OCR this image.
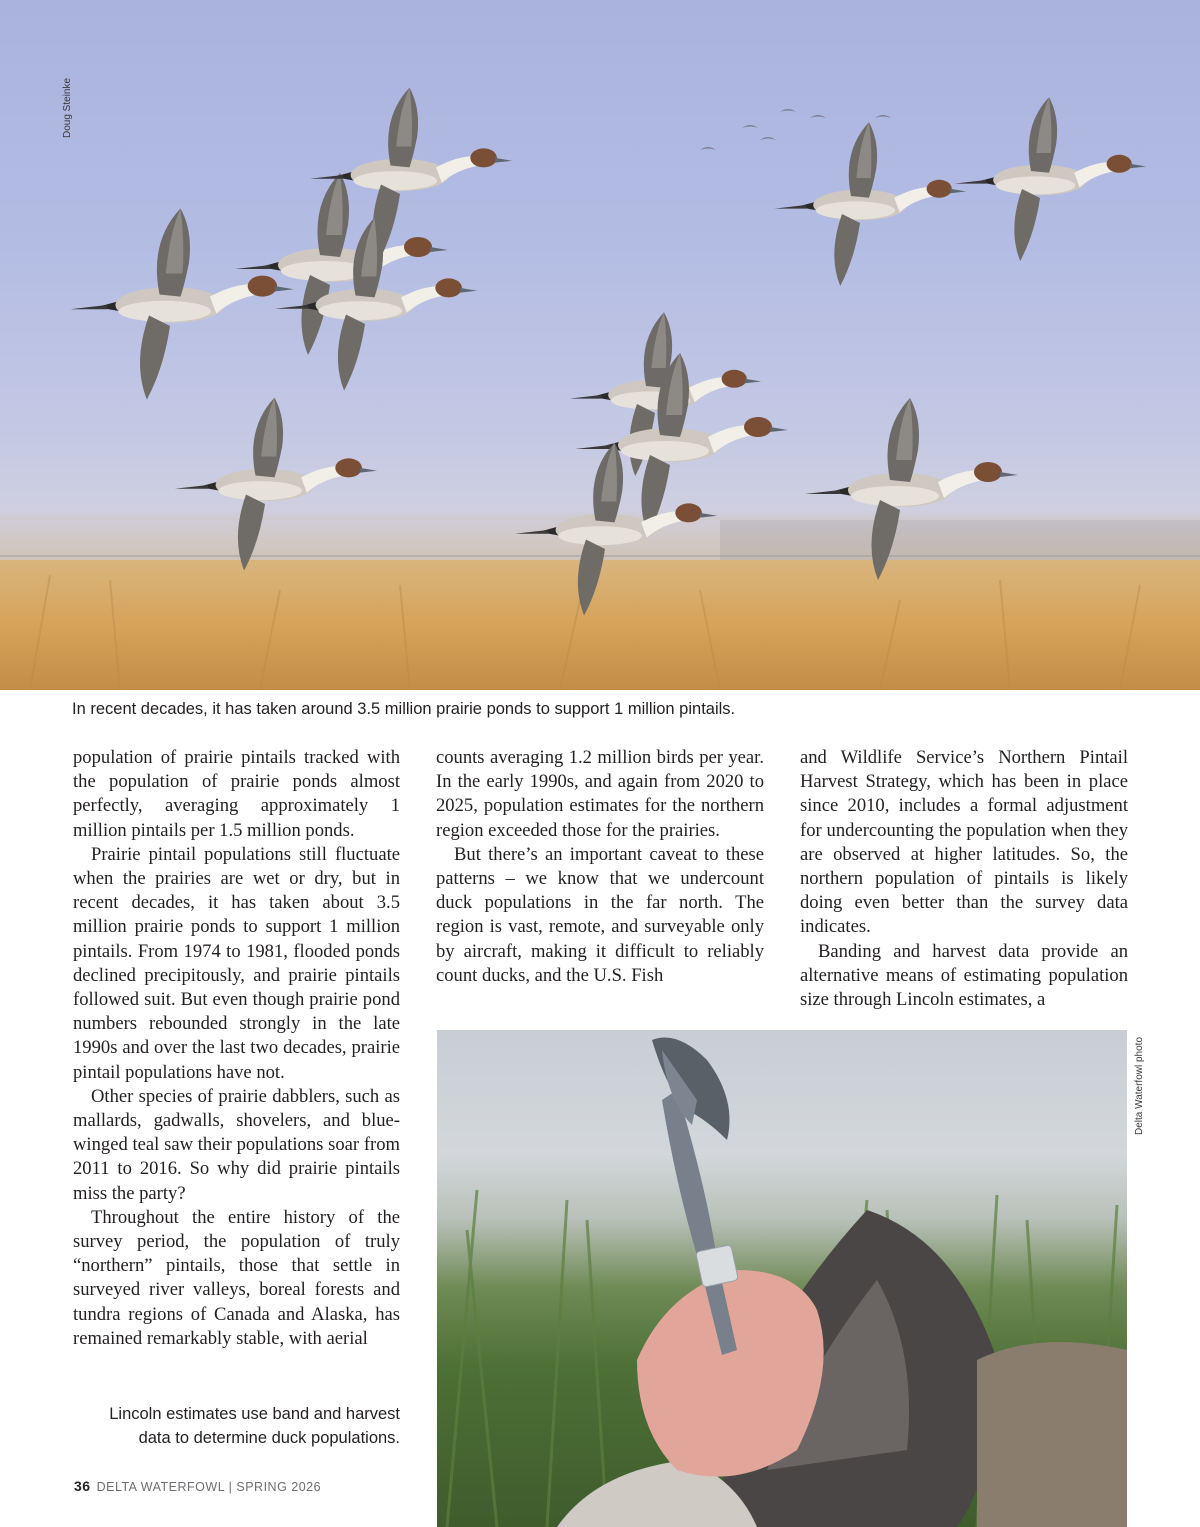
Doug Steinke
In recent decades, it has taken around 3.5 million prairie ponds to support 1 million pintails.

population of prairie pintails tracked with the population of prairie ponds almost perfectly, averaging approximately 1 million pintails per 1.5 million ponds.

Prairie pintail populations still fluctuate when the prairies are wet or dry, but in recent decades, it has taken about 3.5 million prairie ponds to support 1 million pintails. From 1974 to 1981, flooded ponds declined precipitously, and prairie pintails followed suit. But even though prairie pond numbers rebounded strongly in the late 1990s and over the last two decades, prairie pintail populations have not.

Other species of prairie dabblers, such as mallards, gadwalls, shovelers, and blue-winged teal saw their populations soar from 2011 to 2016. So why did prairie pintails miss the party?

Throughout the entire history of the survey period, the population of truly “northern” pintails, those that settle in surveyed river valleys, boreal forests and tundra regions of Canada and Alaska, has remained remarkably stable, with aerial

counts averaging 1.2 million birds per year. In the early 1990s, and again from 2020 to 2025, population estimates for the northern region exceeded those for the prairies.

But there’s an important caveat to these patterns – we know that we undercount duck populations in the far north. The region is vast, remote, and surveyable only by aircraft, making it difficult to reliably count ducks, and the U.S. Fish

and Wildlife Service’s Northern Pintail Harvest Strategy, which has been in place since 2010, includes a formal adjustment for undercounting the population when they are observed at higher latitudes. So, the northern population of pintails is likely doing even better than the survey data indicates.

Banding and harvest data provide an alternative means of estimating population size through Lincoln estimates, a

Delta Waterfowl photo
Lincoln estimates use band and harvest
data to determine duck populations.
36 DELTA WATERFOWL | SPRING 2026
